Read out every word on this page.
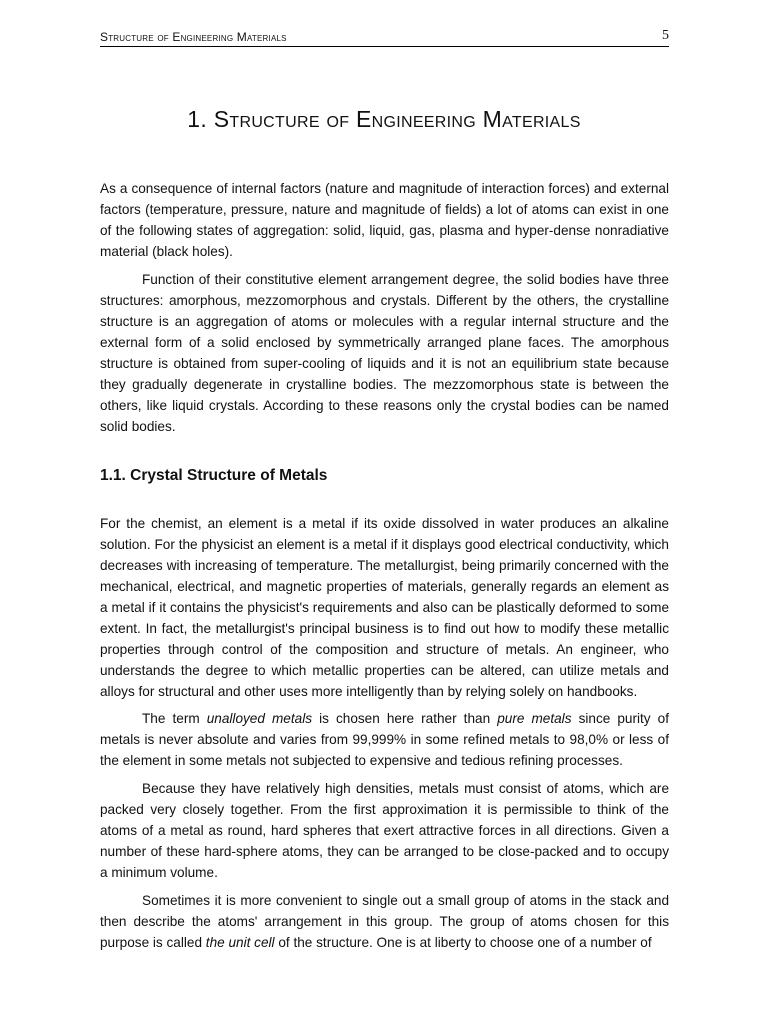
Structure of Engineering Materials	5
1. Structure of Engineering Materials

As a consequence of internal factors (nature and magnitude of interaction forces) and external factors (temperature, pressure, nature and magnitude of fields) a lot of atoms can exist in one of the following states of aggregation: solid, liquid, gas, plasma and hyper-dense nonradiative material (black holes).

Function of their constitutive element arrangement degree, the solid bodies have three structures: amorphous, mezzomorphous and crystals. Different by the others, the crystalline structure is an aggregation of atoms or molecules with a regular internal structure and the external form of a solid enclosed by symmetrically arranged plane faces. The amorphous structure is obtained from super-cooling of liquids and it is not an equilibrium state because they gradually degenerate in crystalline bodies. The mezzomorphous state is between the others, like liquid crystals. According to these reasons only the crystal bodies can be named solid bodies.

1.1. Crystal Structure of Metals

For the chemist, an element is a metal if its oxide dissolved in water produces an alkaline solution. For the physicist an element is a metal if it displays good electrical conductivity, which decreases with increasing of temperature. The metallurgist, being primarily concerned with the mechanical, electrical, and magnetic properties of materials, generally regards an element as a metal if it contains the physicist's requirements and also can be plastically deformed to some extent. In fact, the metallurgist's principal business is to find out how to modify these metallic properties through control of the composition and structure of metals. An engineer, who understands the degree to which metallic properties can be altered, can utilize metals and alloys for structural and other uses more intelligently than by relying solely on handbooks.

The term unalloyed metals is chosen here rather than pure metals since purity of metals is never absolute and varies from 99,999% in some refined metals to 98,0% or less of the element in some metals not subjected to expensive and tedious refining processes.

Because they have relatively high densities, metals must consist of atoms, which are packed very closely together. From the first approximation it is permissible to think of the atoms of a metal as round, hard spheres that exert attractive forces in all directions. Given a number of these hard-sphere atoms, they can be arranged to be close-packed and to occupy a minimum volume.

Sometimes it is more convenient to single out a small group of atoms in the stack and then describe the atoms' arrangement in this group. The group of atoms chosen for this purpose is called the unit cell of the structure. One is at liberty to choose one of a number of
